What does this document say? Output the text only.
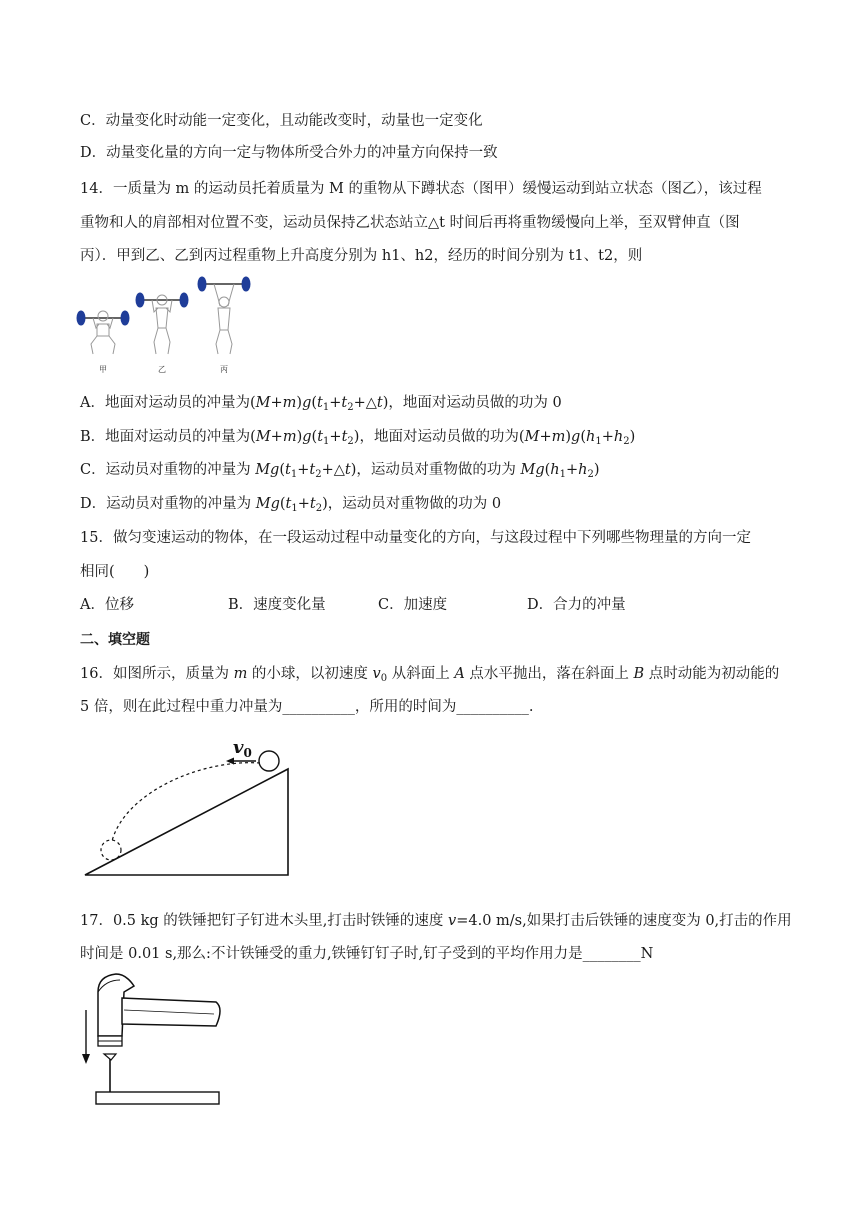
C．动量变化时动能一定变化，且动能改变时，动量也一定变化
D．动量变化量的方向一定与物体所受合外力的冲量方向保持一致
14．一质量为 m 的运动员托着质量为 M 的重物从下蹲状态（图甲）缓慢运动到站立状态（图乙），该过程
重物和人的肩部相对位置不变，运动员保持乙状态站立△t 时间后再将重物缓慢向上举，至双臂伸直（图
丙）．甲到乙、乙到丙过程重物上升高度分别为 h1、h2，经历的时间分别为 t1、t2，则
甲	乙	丙
A．地面对运动员的冲量为$(M+m)g(t_1+t_2+\triangle t)$，地面对运动员做的功为 0
B．地面对运动员的冲量为$(M+m)g(t_1+t_2)$，地面对运动员做的功为$(M+m)g(h_1+h_2)$
C．运动员对重物的冲量为 $Mg(t_1+t_2+\triangle t)$，运动员对重物做的功为 $Mg(h_1+h_2)$
D．运动员对重物的冲量为 $Mg(t_1+t_2)$，运动员对重物做的功为 0
15．做匀变速运动的物体，在一段运动过程中动量变化的方向，与这段过程中下列哪些物理量的方向一定
相同(　　)
A．位移	B．速度变化量	C．加速度	D．合力的冲量
二、填空题
16．如图所示，质量为 m 的小球，以初速度 $v_0$ 从斜面上 A 点水平抛出，落在斜面上 B 点时动能为初动能的
5 倍，则在此过程中重力冲量为__________，所用的时间为__________.
$v_0$
17．0.5 kg 的铁锤把钉子钉进木头里,打击时铁锤的速度 v=4.0 m/s,如果打击后铁锤的速度变为 0,打击的作用
时间是 0.01 s,那么:不计铁锤受的重力,铁锤钉钉子时,钉子受到的平均作用力是________N
